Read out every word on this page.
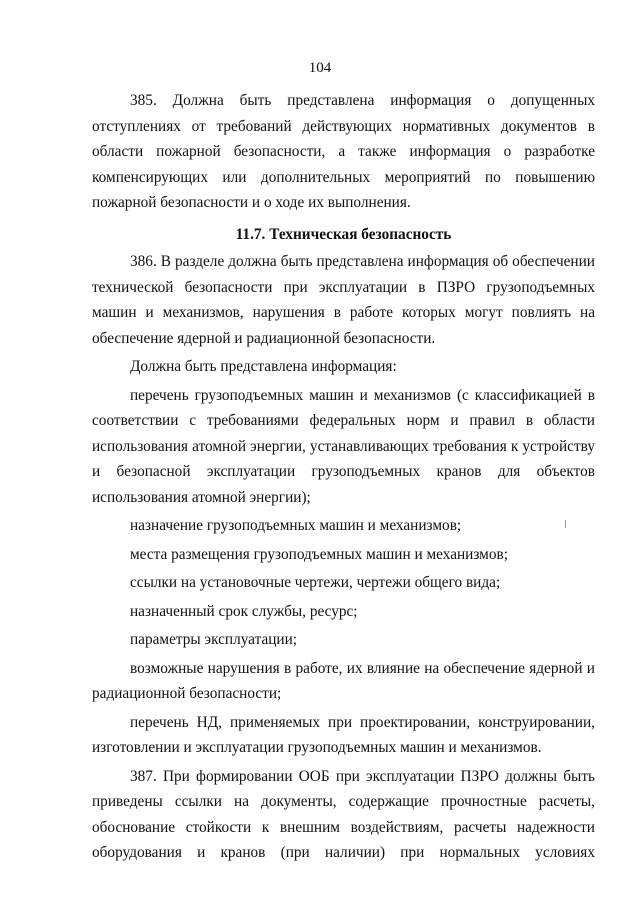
104

385. Должна быть представлена информация о допущенных отступлениях от требований действующих нормативных документов в области пожарной безопасности, а также информация о разработке компенсирующих или дополнительных мероприятий по повышению пожарной безопасности и о ходе их выполнения.

11.7. Техническая безопасность

386. В разделе должна быть представлена информация об обеспечении технической безопасности при эксплуатации в ПЗРО грузоподъемных машин и механизмов, нарушения в работе которых могут повлиять на обеспечение ядерной и радиационной безопасности.

Должна быть представлена информация:

перечень грузоподъемных машин и механизмов (с классификацией в соответствии с требованиями федеральных норм и правил в области использования атомной энергии, устанавливающих требования к устройству и безопасной эксплуатации грузоподъемных кранов для объектов использования атомной энергии);

назначение грузоподъемных машин и механизмов;

места размещения грузоподъемных машин и механизмов;

ссылки на установочные чертежи, чертежи общего вида;

назначенный срок службы, ресурс;

параметры эксплуатации;

возможные нарушения в работе, их влияние на обеспечение ядерной и радиационной безопасности;

перечень НД, применяемых при проектировании, конструировании, изготовлении и эксплуатации грузоподъемных машин и механизмов.

387. При формировании ООБ при эксплуатации ПЗРО должны быть приведены ссылки на документы, содержащие прочностные расчеты, обоснование стойкости к внешним воздействиям, расчеты надежности оборудования и кранов (при наличии) при нормальных условиях
